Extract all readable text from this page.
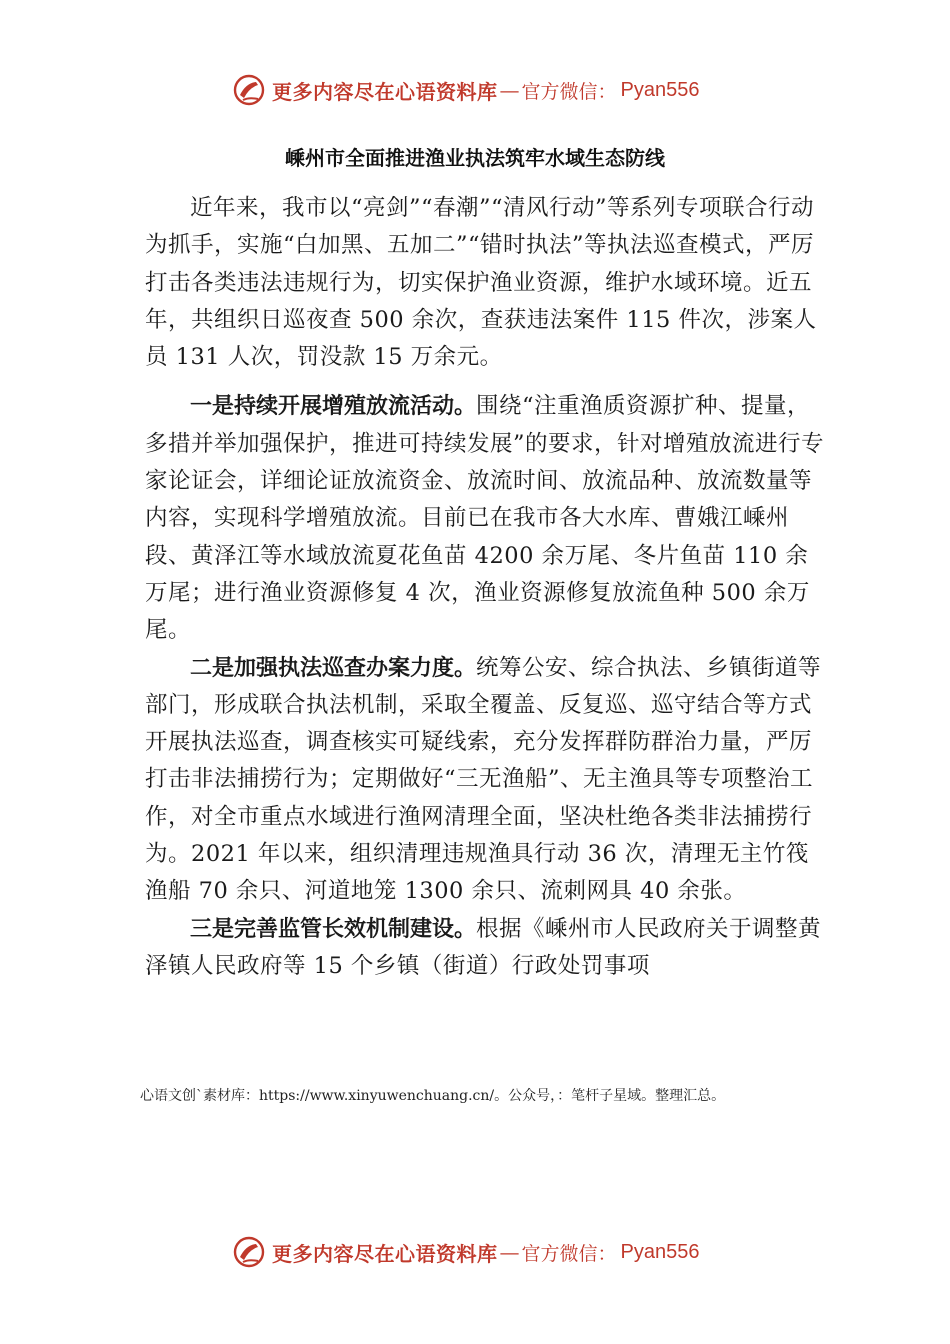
更多内容尽在心语资料库 — 官方微信： Pyan556
嵊州市全面推进渔业执法筑牢水域生态防线

近年来，我市以“亮剑”“春潮”“清风行动”等系列专项联合行动为抓手，实施“白加黑、五加二”“错时执法”等执法巡查模式，严厉打击各类违法违规行为，切实保护渔业资源，维护水域环境。近五年，共组织日巡夜查 500 余次，查获违法案件 115 件次，涉案人员 131 人次，罚没款 15 万余元。

一是持续开展增殖放流活动。围绕“注重渔质资源扩种、提量，多措并举加强保护，推进可持续发展”的要求，针对增殖放流进行专家论证会，详细论证放流资金、放流时间、放流品种、放流数量等内容，实现科学增殖放流。目前已在我市各大水库、曹娥江嵊州段、黄泽江等水域放流夏花鱼苗 4200 余万尾、冬片鱼苗 110 余万尾；进行渔业资源修复 4 次，渔业资源修复放流鱼种 500 余万尾。

二是加强执法巡查办案力度。统筹公安、综合执法、乡镇街道等部门，形成联合执法机制，采取全覆盖、反复巡、巡守结合等方式开展执法巡查，调查核实可疑线索，充分发挥群防群治力量，严厉打击非法捕捞行为；定期做好“三无渔船”、无主渔具等专项整治工作，对全市重点水域进行渔网清理全面，坚决杜绝各类非法捕捞行为。2021 年以来，组织清理违规渔具行动 36 次，清理无主竹筏渔船 70 余只、河道地笼 1300 余只、流刺网具 40 余张。

三是完善监管长效机制建设。根据《嵊州市人民政府关于调整黄泽镇人民政府等 15 个乡镇（街道）行政处罚事项

心语文创`素材库：https://www.xinyuwenchuang.cn/。公众号，：笔杆子星域。整理汇总。
更多内容尽在心语资料库 — 官方微信： Pyan556
